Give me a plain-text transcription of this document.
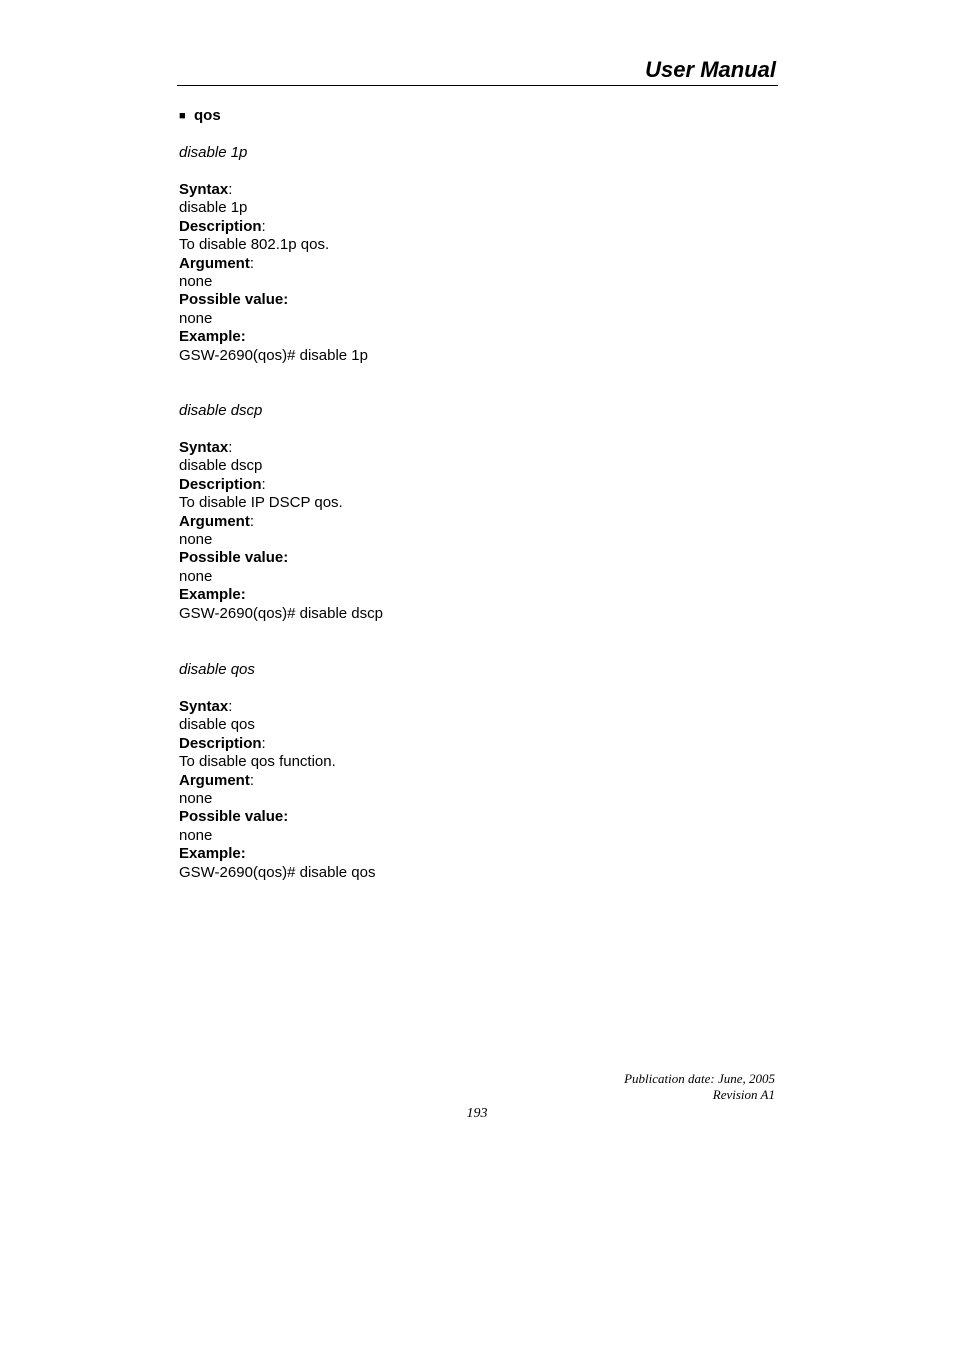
User Manual
■ qos
disable 1p
Syntax:
disable 1p
Description:
To disable 802.1p qos.
Argument:
none
Possible value:
none
Example:
GSW-2690(qos)# disable 1p
disable dscp
Syntax:
disable dscp
Description:
To disable IP DSCP qos.
Argument:
none
Possible value:
none
Example:
GSW-2690(qos)# disable dscp
disable qos
Syntax:
disable qos
Description:
To disable qos function.
Argument:
none
Possible value:
none
Example:
GSW-2690(qos)# disable qos
Publication date: June, 2005
Revision A1
193
